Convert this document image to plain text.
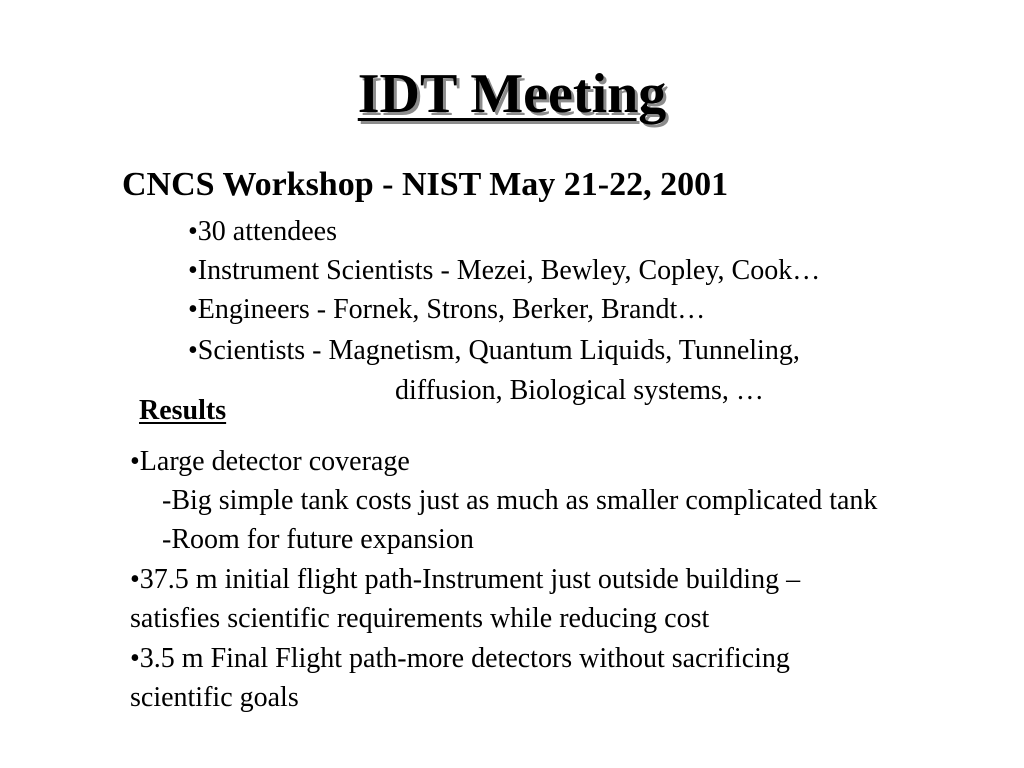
IDT Meeting
CNCS Workshop - NIST May 21-22, 2001

•30 attendees

•Instrument Scientists - Mezei, Bewley, Copley, Cook…

•Engineers - Fornek, Strons, Berker, Brandt…

•Scientists - Magnetism, Quantum Liquids, Tunneling,

diffusion, Biological systems, …

Results

•Large detector coverage

-Big simple tank costs just as much as smaller complicated tank

-Room for future expansion

•37.5 m initial flight path-Instrument just outside building –

satisfies scientific requirements while reducing cost

•3.5 m Final Flight path-more detectors without sacrificing

scientific goals
